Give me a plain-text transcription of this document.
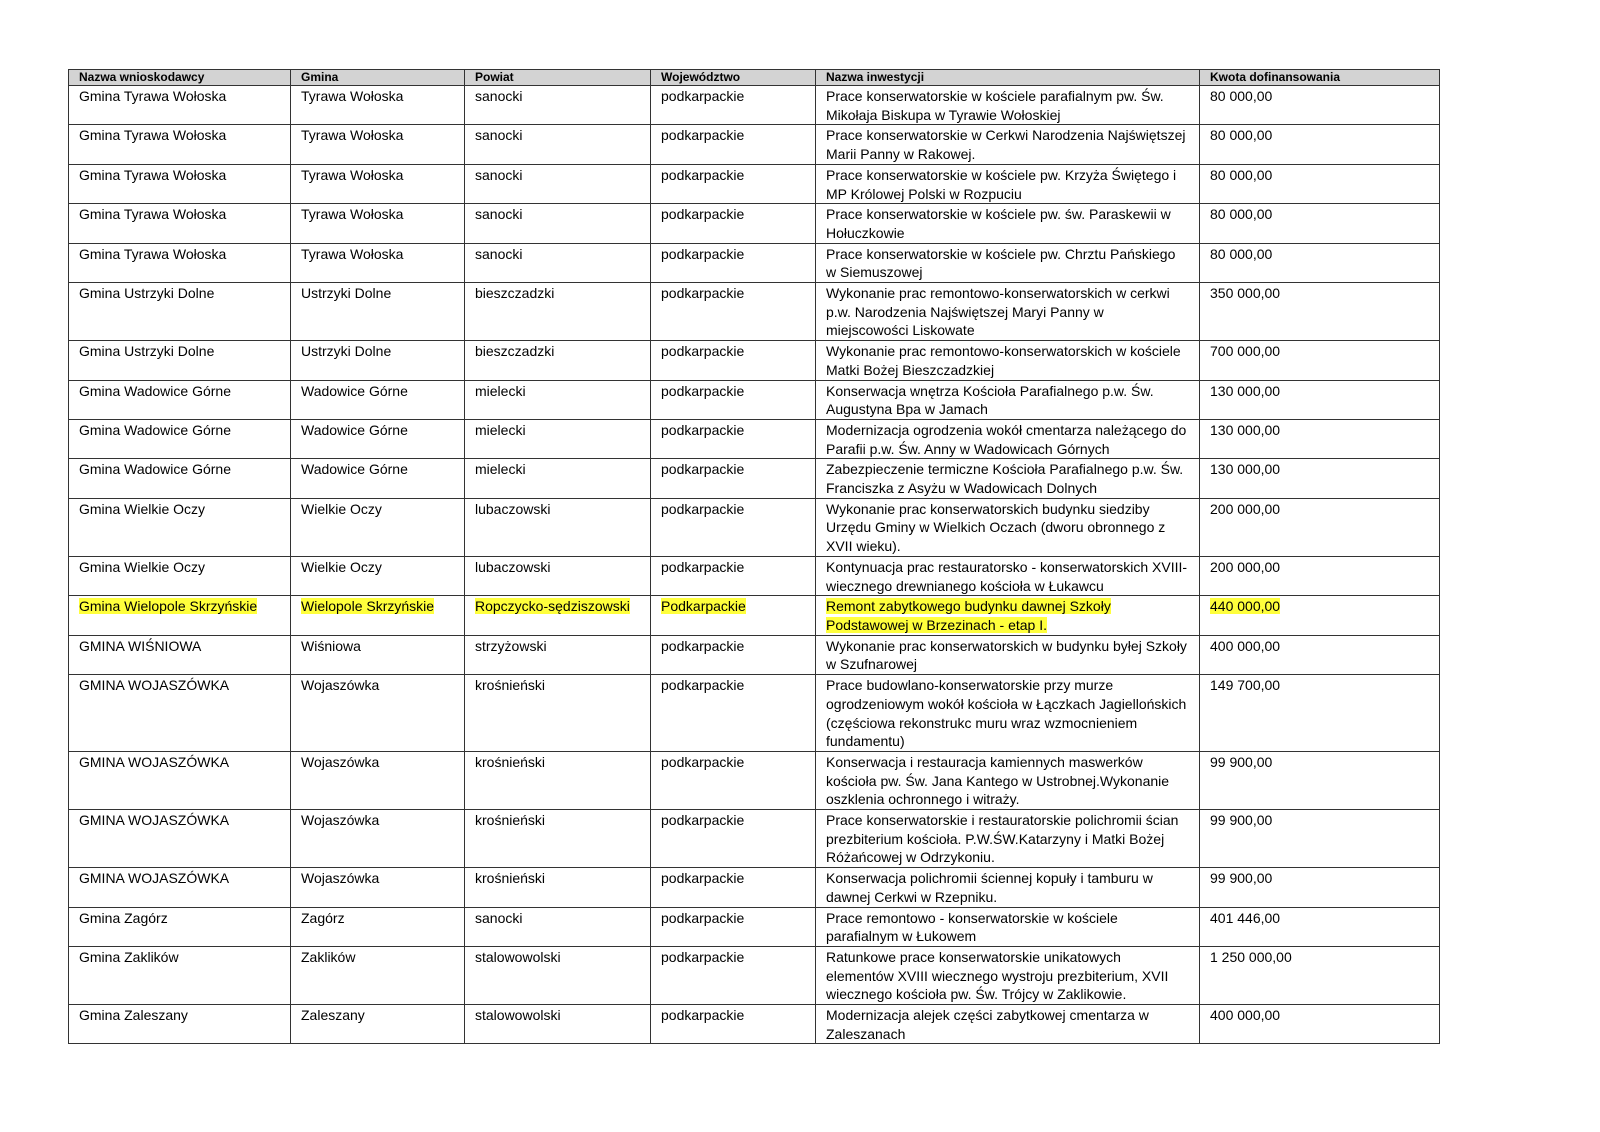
Nazwa wnioskodawcy	Gmina	Powiat	Województwo	Nazwa inwestycji	Kwota dofinansowania
Gmina Tyrawa Wołoska	Tyrawa Wołoska	sanocki	podkarpackie	Prace konserwatorskie w kościele parafialnym pw. Św. Mikołaja Biskupa w Tyrawie Wołoskiej	80 000,00
Gmina Tyrawa Wołoska	Tyrawa Wołoska	sanocki	podkarpackie	Prace konserwatorskie w Cerkwi Narodzenia Najświętszej Marii Panny w Rakowej.	80 000,00
Gmina Tyrawa Wołoska	Tyrawa Wołoska	sanocki	podkarpackie	Prace konserwatorskie w kościele pw. Krzyża Świętego i MP Królowej Polski w Rozpuciu	80 000,00
Gmina Tyrawa Wołoska	Tyrawa Wołoska	sanocki	podkarpackie	Prace konserwatorskie w kościele pw. św. Paraskewii w Hołuczkowie	80 000,00
Gmina Tyrawa Wołoska	Tyrawa Wołoska	sanocki	podkarpackie	Prace konserwatorskie w kościele pw. Chrztu Pańskiego w Siemuszowej	80 000,00
Gmina Ustrzyki Dolne	Ustrzyki Dolne	bieszczadzki	podkarpackie	Wykonanie prac remontowo-konserwatorskich w cerkwi p.w. Narodzenia Najświętszej Maryi Panny w miejscowości Liskowate	350 000,00
Gmina Ustrzyki Dolne	Ustrzyki Dolne	bieszczadzki	podkarpackie	Wykonanie prac remontowo-konserwatorskich w kościele Matki Bożej Bieszczadzkiej	700 000,00
Gmina Wadowice Górne	Wadowice Górne	mielecki	podkarpackie	Konserwacja wnętrza Kościoła Parafialnego p.w. Św. Augustyna Bpa w Jamach	130 000,00
Gmina Wadowice Górne	Wadowice Górne	mielecki	podkarpackie	Modernizacja ogrodzenia wokół cmentarza należącego do Parafii p.w. Św. Anny w Wadowicach Górnych	130 000,00
Gmina Wadowice Górne	Wadowice Górne	mielecki	podkarpackie	Zabezpieczenie termiczne Kościoła Parafialnego p.w. Św. Franciszka z Asyżu w Wadowicach Dolnych	130 000,00
Gmina Wielkie Oczy	Wielkie Oczy	lubaczowski	podkarpackie	Wykonanie prac konserwatorskich budynku siedziby Urzędu Gminy w Wielkich Oczach (dworu obronnego z XVII wieku).	200 000,00
Gmina Wielkie Oczy	Wielkie Oczy	lubaczowski	podkarpackie	Kontynuacja prac restauratorsko - konserwatorskich XVIII-wiecznego drewnianego kościoła w Łukawcu	200 000,00
Gmina Wielopole Skrzyńskie	Wielopole Skrzyńskie	Ropczycko-sędziszowski	Podkarpackie	Remont zabytkowego budynku dawnej Szkoły Podstawowej w Brzezinach - etap I.	440 000,00
GMINA WIŚNIOWA	Wiśniowa	strzyżowski	podkarpackie	Wykonanie prac konserwatorskich w budynku byłej Szkoły w Szufnarowej	400 000,00
GMINA WOJASZÓWKA	Wojaszówka	krośnieński	podkarpackie	Prace budowlano-konserwatorskie przy murze ogrodzeniowym wokół kościoła w Łączkach Jagiellońskich (częściowa rekonstrukc muru wraz wzmocnieniem fundamentu)	149 700,00
GMINA WOJASZÓWKA	Wojaszówka	krośnieński	podkarpackie	Konserwacja i restauracja kamiennych maswerków kościoła pw. Św. Jana Kantego w Ustrobnej.Wykonanie oszklenia ochronnego i witraży.	99 900,00
GMINA WOJASZÓWKA	Wojaszówka	krośnieński	podkarpackie	Prace konserwatorskie i restauratorskie polichromii ścian prezbiterium kościoła. P.W.ŚW.Katarzyny i Matki Bożej Różańcowej w Odrzykoniu.	99 900,00
GMINA WOJASZÓWKA	Wojaszówka	krośnieński	podkarpackie	Konserwacja polichromii ściennej kopuły i tamburu w dawnej Cerkwi w Rzepniku.	99 900,00
Gmina Zagórz	Zagórz	sanocki	podkarpackie	Prace remontowo - konserwatorskie w kościele parafialnym w Łukowem	401 446,00
Gmina Zaklików	Zaklików	stalowowolski	podkarpackie	Ratunkowe prace konserwatorskie unikatowych elementów XVIII wiecznego wystroju prezbiterium, XVII wiecznego kościoła pw. Św. Trójcy w Zaklikowie.	1 250 000,00
Gmina Zaleszany	Zaleszany	stalowowolski	podkarpackie	Modernizacja alejek części zabytkowej cmentarza w Zaleszanach	400 000,00
